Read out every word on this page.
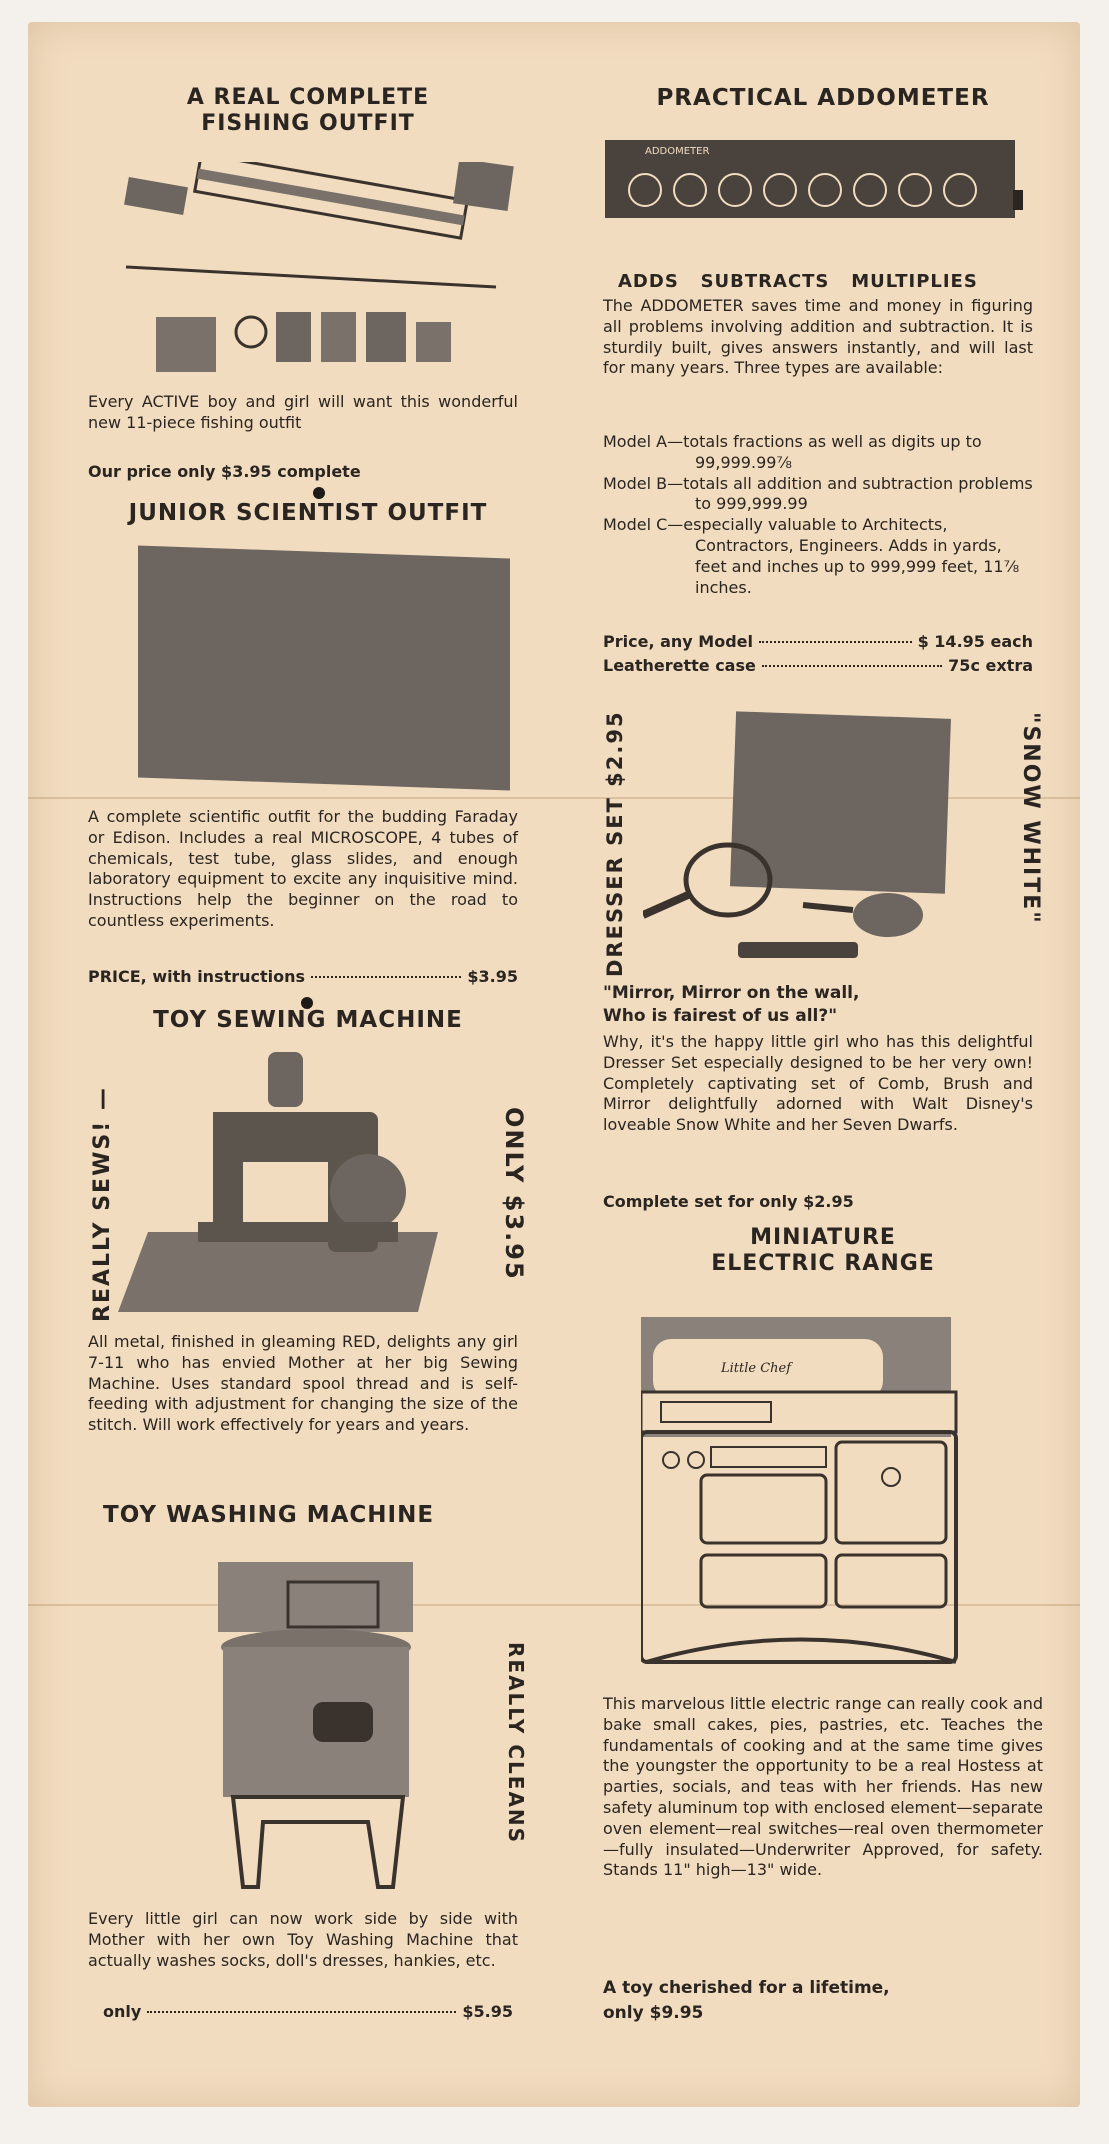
A REAL COMPLETE

FISHING OUTFIT

Every ACTIVE boy and girl will want this wonderful new 11-piece fishing outfit

Our price only $3.95 complete

JUNIOR SCIENTIST OUTFIT

A complete scientific outfit for the budding Faraday or Edison. Includes a real MICROSCOPE, 4 tubes of chemicals, test tube, glass slides, and enough laboratory equipment to excite any inquisitive mind. Instructions help the beginner on the road to countless experiments.

PRICE, with instructions	$3.95

TOY SEWING MACHINE

REALLY SEWS! —	ONLY $3.95

All metal, finished in gleaming RED, delights any girl 7-11 who has envied Mother at her big Sewing Machine. Uses standard spool thread and is self-feeding with adjustment for changing the size of the stitch. Will work effectively for years and years.

TOY WASHING MACHINE

REALLY CLEANS

Every little girl can now work side by side with Mother with her own Toy Washing Machine that actually washes socks, doll's dresses, hankies, etc.

only	$5.95

PRACTICAL ADDOMETER

ADDOMETER

ADDS   SUBTRACTS   MULTIPLIES

The ADDOMETER saves time and money in figuring all problems involving addition and subtraction. It is sturdily built, gives answers instantly, and will last for many years. Three types are available:

Model A—totals fractions as well as digits up to 99,999.99⅞

Model B—totals all addition and subtraction problems to 999,999.99

Model C—especially valuable to Architects, Contractors, Engineers. Adds in yards, feet and inches up to 999,999 feet, 11⅞ inches.

Price, any Model	$ 14.95 each
Leatherette case	75c extra
DRESSER SET $2.95	"SNOW WHITE"

"Mirror, Mirror on the wall,

Who is fairest of us all?"

Why, it's the happy little girl who has this delightful Dresser Set especially designed to be her very own! Completely captivating set of Comb, Brush and Mirror delightfully adorned with Walt Disney's loveable Snow White and her Seven Dwarfs.

Complete set for only $2.95

MINIATURE

ELECTRIC RANGE

Little Chef

This marvelous little electric range can really cook and bake small cakes, pies, pastries, etc. Teaches the fundamentals of cooking and at the same time gives the youngster the opportunity to be a real Hostess at parties, socials, and teas with her friends. Has new safety aluminum top with enclosed element—separate oven element—real switches—real oven thermometer—fully insulated—Underwriter Approved, for safety. Stands 11" high—13" wide.

A toy cherished for a lifetime,

only $9.95
